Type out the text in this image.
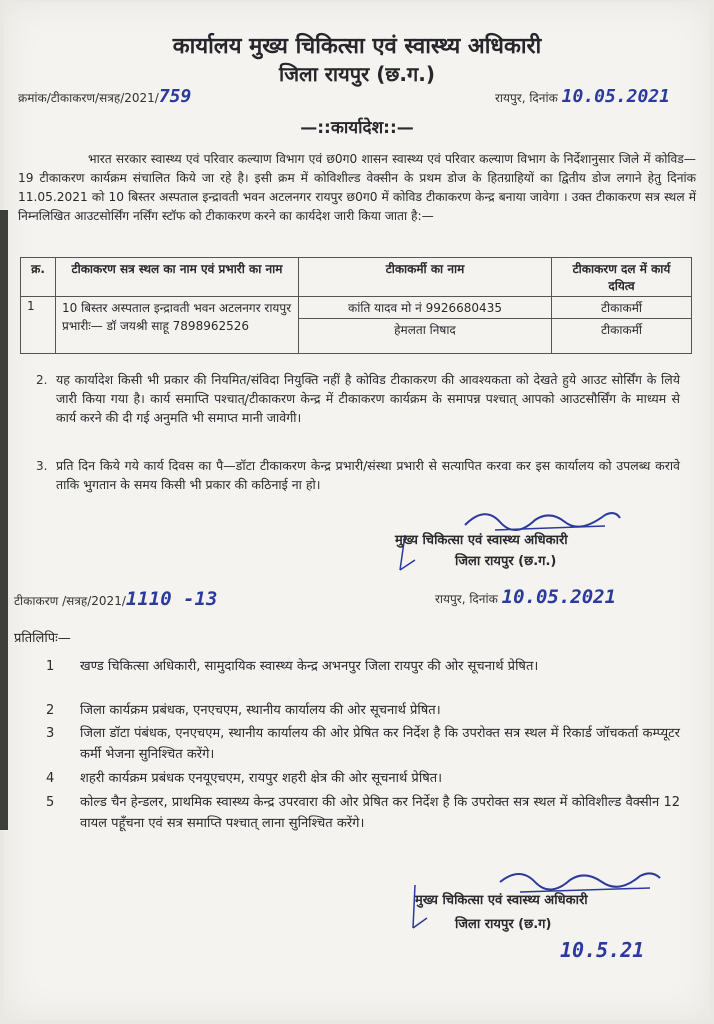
कार्यालय मुख्य चिकित्सा एवं स्वास्थ्य अधिकारी
जिला रायपुर (छ.ग.)
क्रमांक/टीकाकरण/सत्रह/2021/759	रायपुर, दिनांक 10.05.2021
—::कार्यादेश::—
भारत सरकार स्वास्थ्य एवं परिवार कल्याण विभाग एवं छ0ग0 शासन स्वास्थ्य एवं परिवार कल्याण विभाग के निर्देशानुसार जिले में कोविड—19 टीकाकरण कार्यक्रम संचालित किये जा रहे है। इसी क्रम में कोविशील्ड वेक्सीन के प्रथम डोज के हितग्राहियों का द्वितीय डोज लगाने हेतु दिनांक 11.05.2021 को 10 बिस्तर अस्पताल इन्द्रावती भवन अटलनगर रायपुर छ0ग0 में कोविड टीकाकरण केन्द्र बनाया जावेगा । उक्त टीकाकरण सत्र स्थल में निम्नलिखित आउटसोर्सिंग नर्सिंग स्टॉफ को टीकाकरण करने का कार्यदेश जारी किया जाता है:—
क्र.	टीकाकरण सत्र स्थल का नाम एवं प्रभारी का नाम	टीकाकर्मी का नाम	टीकाकरण दल में कार्य दयित्व
1	10 बिस्तर अस्पताल इन्द्रावती भवन अटलनगर रायपुर प्रभारीः— डॉ जयश्री साहू 7898962526	कांति यादव मो नं 9926680435	टीकाकर्मी
		हेमलता निषाद	टीकाकर्मी
2. यह कार्यादेश किसी भी प्रकार की नियमित/संविदा नियुक्ति नहीं है कोविड टीकाकरण की आवश्यकता को देखते हुये आउट सोर्सिंग के लिये जारी किया गया है। कार्य समाप्ति पश्चात्/टीकाकरण केन्द्र में टीकाकरण कार्यक्रम के समापन्न पश्चात् आपको आउटसौर्सिंग के माध्यम से कार्य करने की दी गई अनुमति भी समाप्त मानी जावेगी।
3. प्रति दिन किये गये कार्य दिवस का पै—डॉटा टीकाकरण केन्द्र प्रभारी/संस्था प्रभारी से सत्यापित करवा कर इस कार्यालय को उपलब्ध करावे ताकि भुगतान के समय किसी भी प्रकार की कठिनाई ना हो।
मुख्य चिकित्सा एवं स्वास्थ्य अधिकारी
जिला रायपुर (छ.ग.)
टीकाकरण /सत्रह/2021/1110 -13	रायपुर, दिनांक 10.05.2021
प्रतिलिपिः—
1 खण्ड चिकित्सा अधिकारी, सामुदायिक स्वास्थ्य केन्द्र अभनपुर जिला रायपुर की ओर सूचनार्थ प्रेषित।
2 जिला कार्यक्रम प्रबंधक, एनएचएम, स्थानीय कार्यालय की ओर सूचनार्थ प्रेषित।
3 जिला डॉटा पंबंधक, एनएचएम, स्थानीय कार्यालय की ओर प्रेषित कर निर्देश है कि उपरोक्त सत्र स्थल में रिकार्ड जॉचकर्ता कम्प्यूटर कर्मी भेजना सुनिश्चित करेंगे।
4 शहरी कार्यक्रम प्रबंधक एनयूएचएम, रायपुर शहरी क्षेत्र की ओर सूचनार्थ प्रेषित।
5 कोल्ड चैन हेन्डलर, प्राथमिक स्वास्थ्य केन्द्र उपरवारा की ओर प्रेषित कर निर्देश है कि उपरोक्त सत्र स्थल में कोविशील्ड वैक्सीन 12 वायल पहूँचना एवं सत्र समाप्ति पश्चात् लाना सुनिश्चित करेंगे।
मुख्य चिकित्सा एवं स्वास्थ्य अधिकारी
जिला रायपुर (छ.ग)
10.5.21
